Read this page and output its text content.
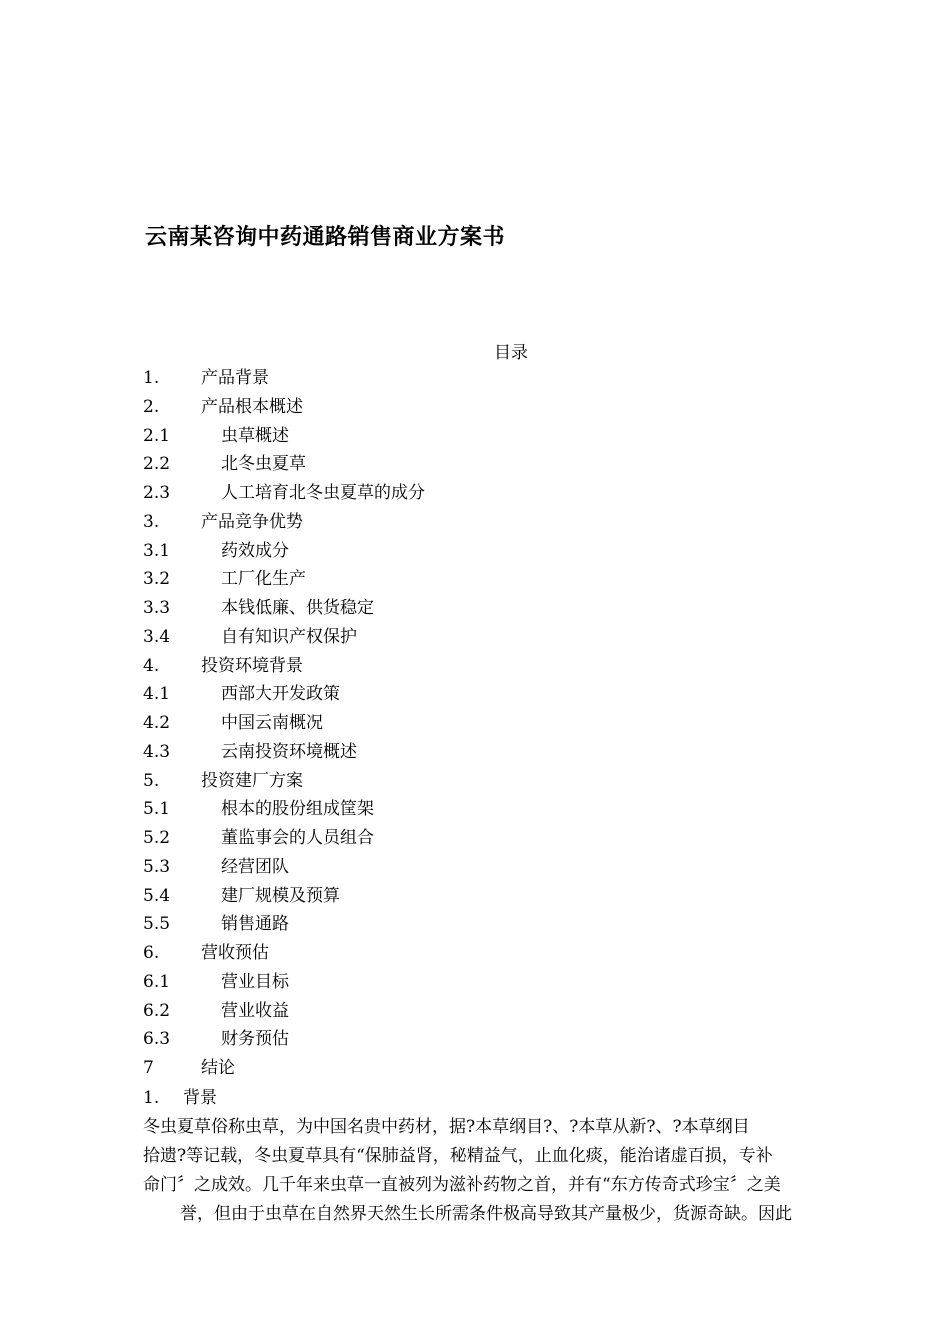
云南某咨询中药通路销售商业方案书
目录
1. 产品背景
2. 产品根本概述
2.1	虫草概述
2.2	北冬虫夏草
2.3	人工培育北冬虫夏草的成分
3. 产品竞争优势
3.1	药效成分
3.2	工厂化生产
3.3	本钱低廉、供货稳定
3.4	自有知识产权保护
4. 投资环境背景
4.1	西部大开发政策
4.2	中国云南概况
4.3	云南投资环境概述
5. 投资建厂方案
5.1	根本的股份组成筐架
5.2	董监事会的人员组合
5.3	经营团队
5.4	建厂规模及预算
5.5	销售通路
6. 营收预估
6.1	营业目标
6.2	营业收益
6.3	财务预估
7	结论
1. 背景
冬虫夏草俗称虫草，为中国名贵中药材，据?本草纲目?、?本草从新?、?本草纲目
拾遗?等记载，冬虫夏草具有“保肺益肾，秘精益气，止血化痰，能治诸虚百损，专补
命门〞之成效。几千年来虫草一直被列为滋补药物之首，并有“东方传奇式珍宝〞之美
誉，但由于虫草在自然界天然生长所需条件极高导致其产量极少，货源奇缺。因此
